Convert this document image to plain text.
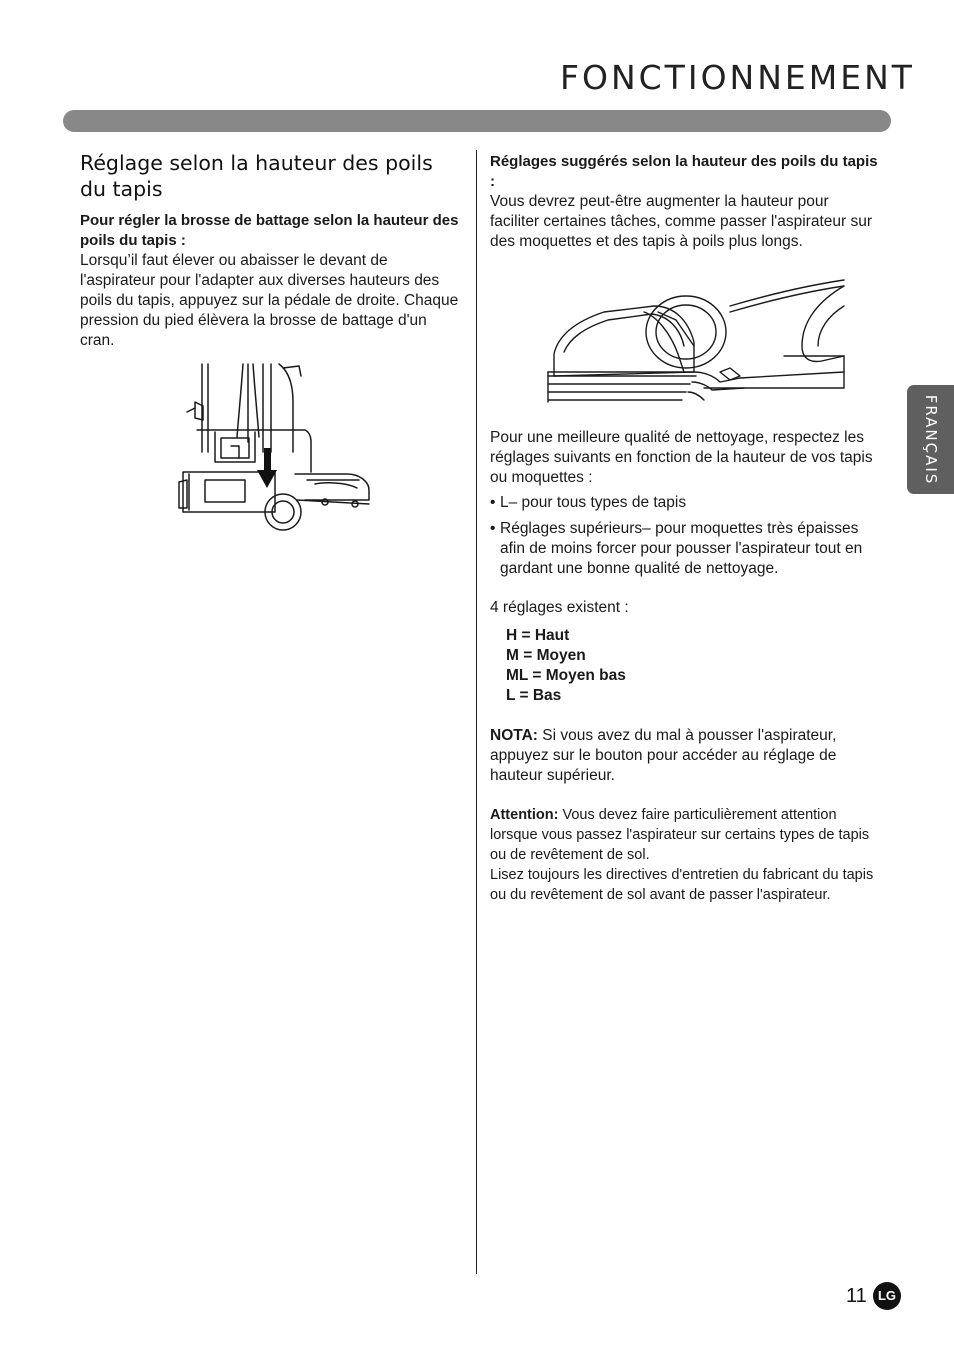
FONCTIONNEMENT
FRANÇAIS
Réglage selon la hauteur des poils du tapis

Pour régler la brosse de battage selon la hauteur des poils du tapis :

Lorsqu’il faut élever ou abaisser le devant de l'aspirateur pour l'adapter aux diverses hauteurs des poils du tapis, appuyez sur la pédale de droite. Chaque pression du pied élèvera la brosse de battage d'un cran.

Réglages suggérés selon la hauteur des poils du tapis :

Vous devrez peut-être augmenter la hauteur pour faciliter certaines tâches, comme passer l'aspirateur sur des moquettes et des tapis à poils plus longs.

Pour une meilleure qualité de nettoyage, respectez les réglages suivants en fonction de la hauteur de vos tapis ou moquettes :

• L– pour tous types de tapis
• Réglages supérieurs– pour moquettes très épaisses afin de moins forcer pour pousser l'aspirateur tout en gardant une bonne qualité de nettoyage.

4 réglages existent :

H = Haut
M = Moyen
ML = Moyen bas
L = Bas

NOTA: Si vous avez du mal à pousser l'aspirateur, appuyez sur le bouton pour accéder au réglage de hauteur supérieur.

Attention: Vous devez faire particulièrement attention lorsque vous passez l'aspirateur sur certains types de tapis ou de revêtement de sol.

Lisez toujours les directives d'entretien du fabricant du tapis ou du revêtement de sol avant de passer l'aspirateur.

11 LG
